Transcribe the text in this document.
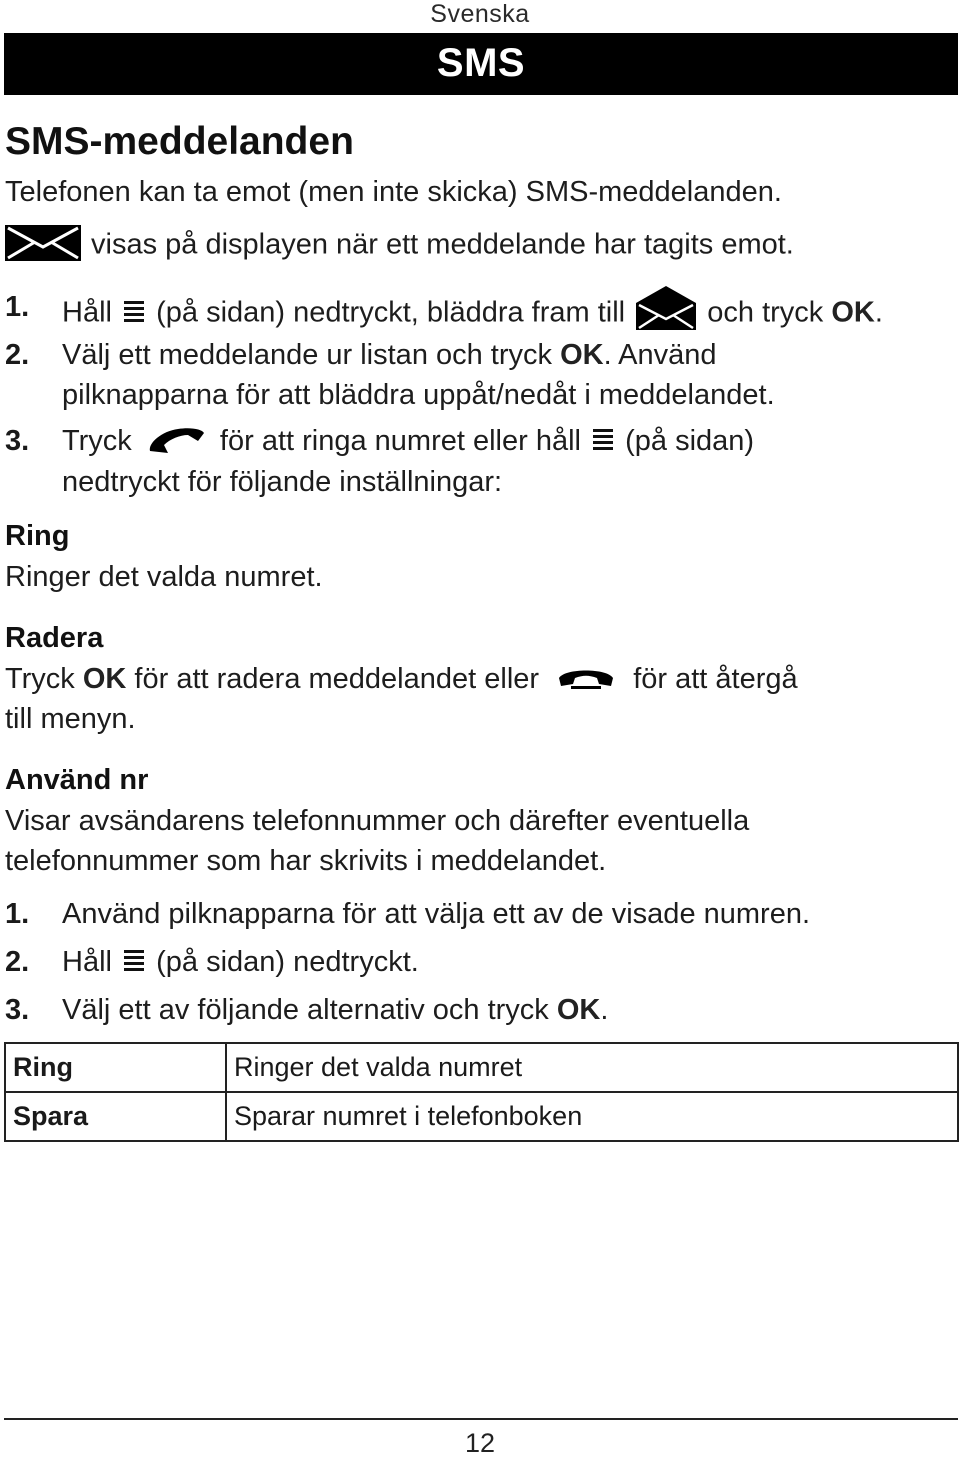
Svenska
SMS
SMS-meddelanden
Telefonen kan ta emot (men inte skicka) SMS-meddelanden.
visas på displayen när ett meddelande har tagits emot.
1. Håll (på sidan) nedtryckt, bläddra fram till	och tryck OK.
2. Välj ett meddelande ur listan och tryck OK. Använd
pilknapparna för att bläddra uppåt/nedåt i meddelandet.
3. Tryck	för att ringa numret eller håll (på sidan)
nedtryckt för följande inställningar:
Ring
Ringer det valda numret.
Radera
Tryck OK för att radera meddelandet eller	för att återgå
till menyn.
Använd nr
Visar avsändarens telefonnummer och därefter eventuella
telefonnummer som har skrivits i meddelandet.
1. Använd pilknapparna för att välja ett av de visade numren.
2. Håll (på sidan) nedtryckt.
3. Välj ett av följande alternativ och tryck OK.
Ring	Ringer det valda numret
Spara	Sparar numret i telefonboken
12
